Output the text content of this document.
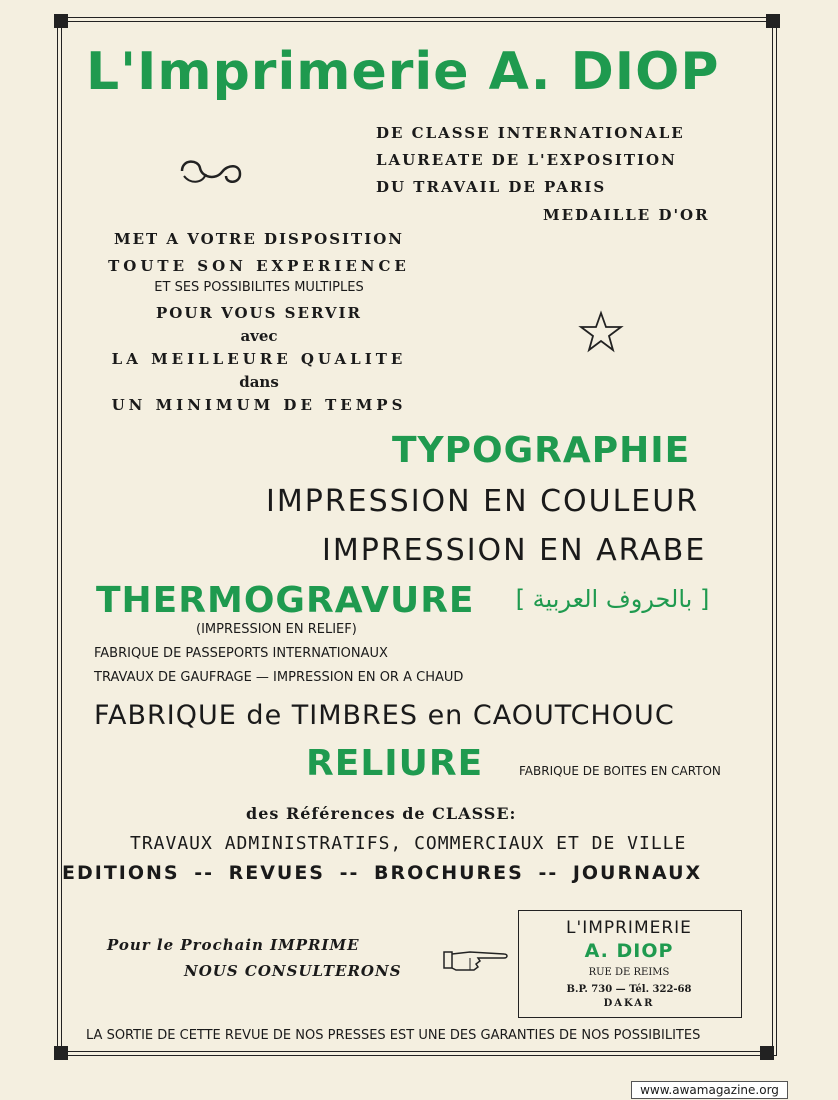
L'Imprimerie A. DIOP
DE CLASSE INTERNATIONALE
LAUREATE DE L'EXPOSITION
DU TRAVAIL DE PARIS
MEDAILLE D'OR
MET A VOTRE DISPOSITION
TOUTE SON EXPERIENCE
ET SES POSSIBILITES MULTIPLES
POUR VOUS SERVIR
avec
LA MEILLEURE QUALITE
dans
UN MINIMUM DE TEMPS
TYPOGRAPHIE
IMPRESSION EN COULEUR
IMPRESSION EN ARABE
THERMOGRAVURE	[ بالحروف العربية ]
(IMPRESSION EN RELIEF)
FABRIQUE DE PASSEPORTS INTERNATIONAUX
TRAVAUX DE GAUFRAGE — IMPRESSION EN OR A CHAUD
FABRIQUE de TIMBRES en CAOUTCHOUC
RELIURE	FABRIQUE DE BOITES EN CARTON
des Références de CLASSE:
TRAVAUX ADMINISTRATIFS, COMMERCIAUX ET DE VILLE
EDITIONS -- REVUES -- BROCHURES -- JOURNAUX
Pour le Prochain IMPRIME
NOUS CONSULTERONS
L'IMPRIMERIE
A. DIOP
RUE DE REIMS
B.P. 730 — Tél. 322-68
DAKAR
LA SORTIE DE CETTE REVUE DE NOS PRESSES EST UNE DES GARANTIES DE NOS POSSIBILITES
www.awamagazine.org
